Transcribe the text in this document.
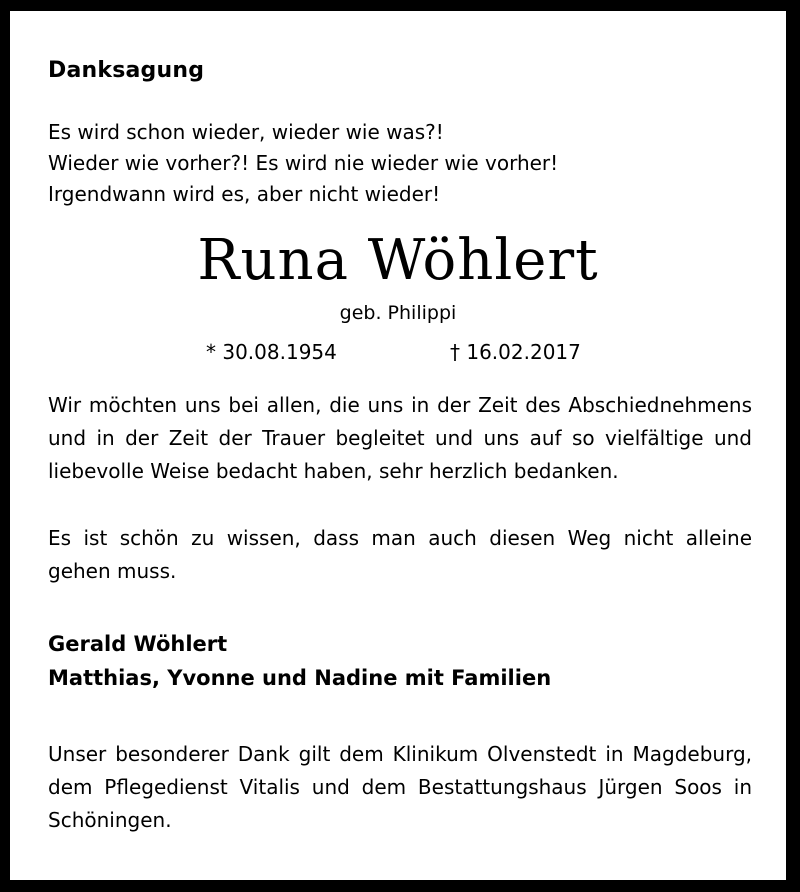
Danksagung
Es wird schon wieder, wieder wie was?!
Wieder wie vorher?! Es wird nie wieder wie vorher!
Irgendwann wird es, aber nicht wieder!
Runa Wöhlert
geb. Philippi
* 30.08.1954	† 16.02.2017
Wir möchten uns bei allen, die uns in der Zeit des Abschiednehmens und in der Zeit der Trauer begleitet und uns auf so vielfältige und liebevolle Weise bedacht haben, sehr herzlich bedanken.
Es ist schön zu wissen, dass man auch diesen Weg nicht alleine gehen muss.
Gerald Wöhlert
Matthias, Yvonne und Nadine mit Familien
Unser besonderer Dank gilt dem Klinikum Olvenstedt in Magdeburg, dem Pflegedienst Vitalis und dem Bestattungshaus Jürgen Soos in Schöningen.
